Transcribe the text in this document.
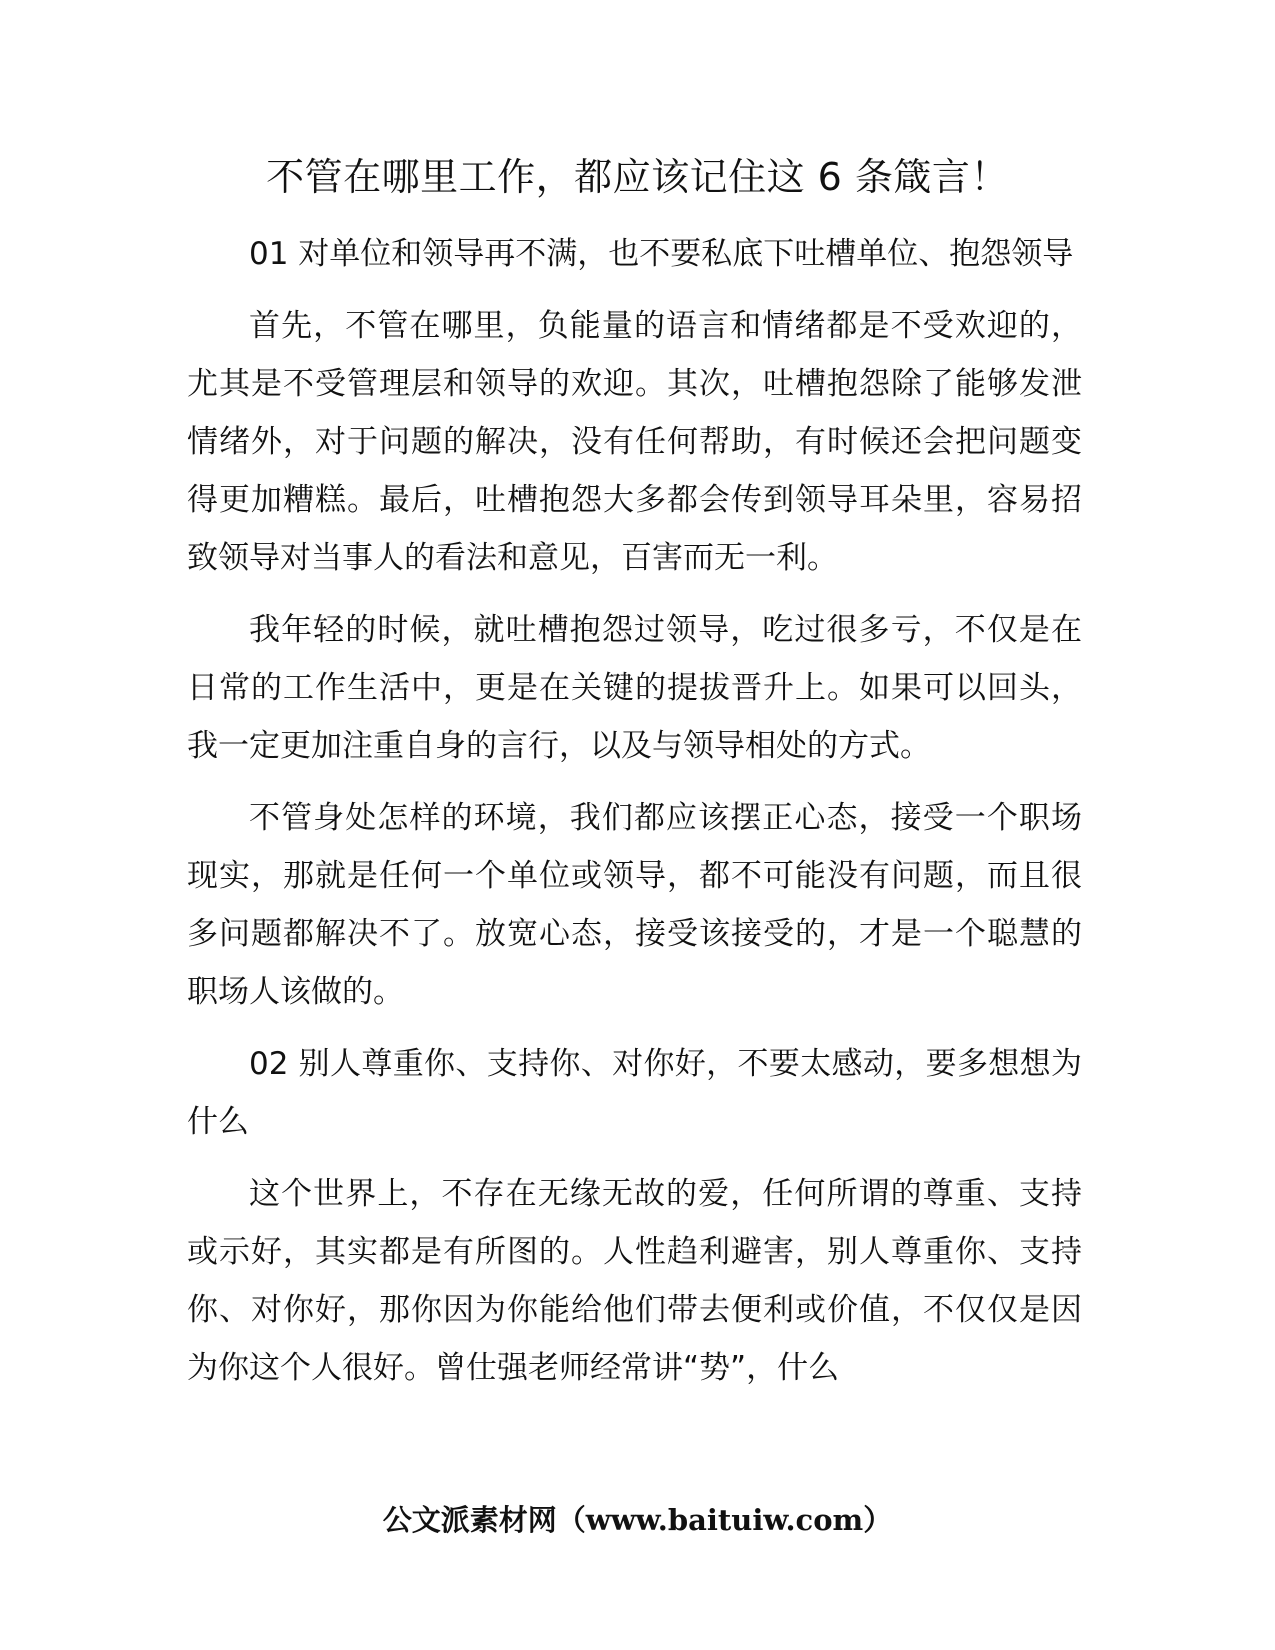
不管在哪里工作，都应该记住这 6 条箴言！

01 对单位和领导再不满，也不要私底下吐槽单位、抱怨领导

首先，不管在哪里，负能量的语言和情绪都是不受欢迎的，尤其是不受管理层和领导的欢迎。其次，吐槽抱怨除了能够发泄情绪外，对于问题的解决，没有任何帮助，有时候还会把问题变得更加糟糕。最后，吐槽抱怨大多都会传到领导耳朵里，容易招致领导对当事人的看法和意见，百害而无一利。

我年轻的时候，就吐槽抱怨过领导，吃过很多亏，不仅是在日常的工作生活中，更是在关键的提拔晋升上。如果可以回头，我一定更加注重自身的言行，以及与领导相处的方式。

不管身处怎样的环境，我们都应该摆正心态，接受一个职场现实，那就是任何一个单位或领导，都不可能没有问题，而且很多问题都解决不了。放宽心态，接受该接受的，才是一个聪慧的职场人该做的。

02 别人尊重你、支持你、对你好，不要太感动，要多想想为什么

这个世界上，不存在无缘无故的爱，任何所谓的尊重、支持或示好，其实都是有所图的。人性趋利避害，别人尊重你、支持你、对你好，那你因为你能给他们带去便利或价值，不仅仅是因为你这个人很好。曾仕强老师经常讲“势”，什么

公文派素材网（www.baituiw.com）
